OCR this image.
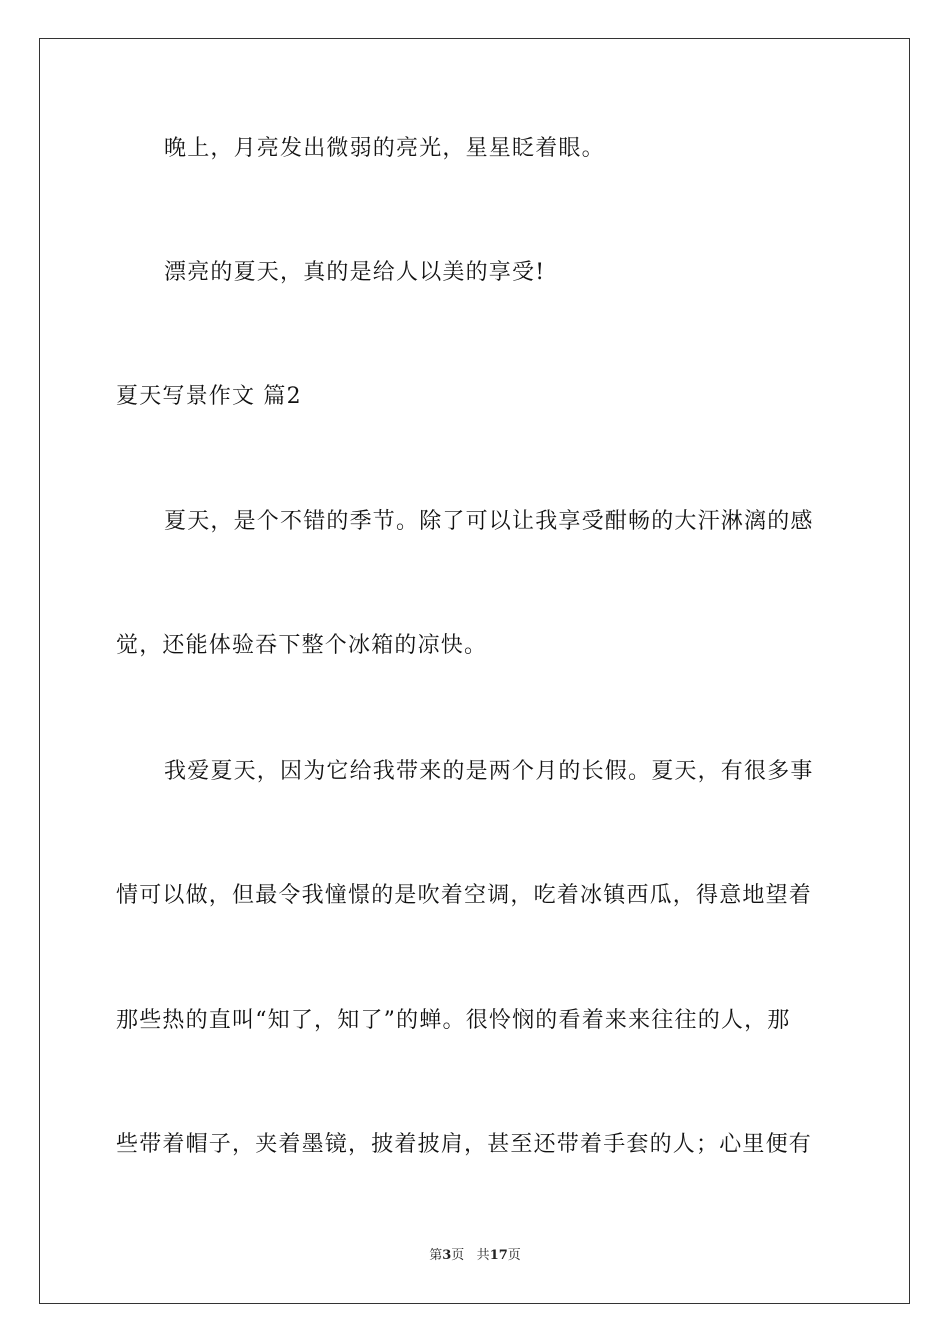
晚上，月亮发出微弱的亮光，星星眨着眼。
漂亮的夏天，真的是给人以美的享受!
夏天写景作文 篇2
夏天，是个不错的季节。除了可以让我享受酣畅的大汗淋漓的感
觉，还能体验吞下整个冰箱的凉快。
我爱夏天，因为它给我带来的是两个月的长假。夏天，有很多事
情可以做，但最令我憧憬的是吹着空调，吃着冰镇西瓜，得意地望着
那些热的直叫“知了，知了”的蝉。很怜悯的看着来来往往的人，那
些带着帽子，夹着墨镜，披着披肩，甚至还带着手套的人；心里便有
第3页 共17页
